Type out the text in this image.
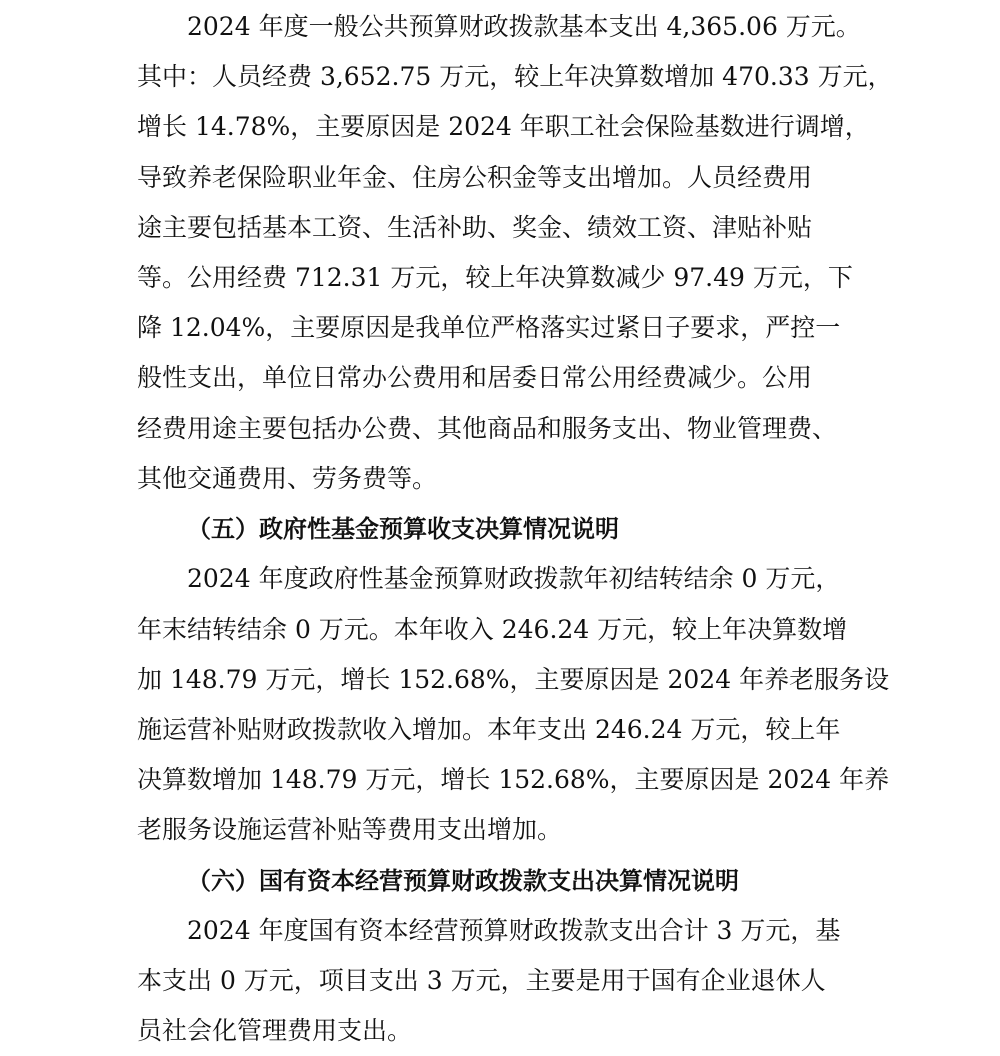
2024 年度一般公共预算财政拨款基本支出 4,365.06 万元。
其中：人员经费 3,652.75 万元，较上年决算数增加 470.33 万元，
增长 14.78%，主要原因是 2024 年职工社会保险基数进行调增，
导致养老保险职业年金、住房公积金等支出增加。人员经费用
途主要包括基本工资、生活补助、奖金、绩效工资、津贴补贴
等。公用经费 712.31 万元，较上年决算数减少 97.49 万元，下
降 12.04%，主要原因是我单位严格落实过紧日子要求，严控一
般性支出，单位日常办公费用和居委日常公用经费减少。公用
经费用途主要包括办公费、其他商品和服务支出、物业管理费、
其他交通费用、劳务费等。
（五）政府性基金预算收支决算情况说明
2024 年度政府性基金预算财政拨款年初结转结余 0 万元，
年末结转结余 0 万元。本年收入 246.24 万元，较上年决算数增
加 148.79 万元，增长 152.68%，主要原因是 2024 年养老服务设
施运营补贴财政拨款收入增加。本年支出 246.24 万元，较上年
决算数增加 148.79 万元，增长 152.68%，主要原因是 2024 年养
老服务设施运营补贴等费用支出增加。
（六）国有资本经营预算财政拨款支出决算情况说明
2024 年度国有资本经营预算财政拨款支出合计 3 万元，基
本支出 0 万元，项目支出 3 万元，主要是用于国有企业退休人
员社会化管理费用支出。
